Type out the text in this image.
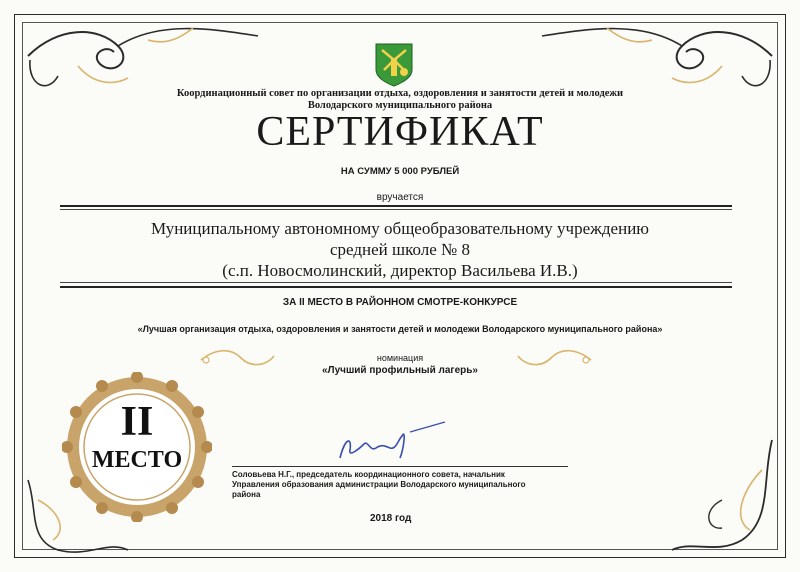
Координационный совет по организации отдыха, оздоровления и занятости детей и молодежи
Володарского муниципального района
СЕРТИФИКАТ
НА СУММУ 5 000 РУБЛЕЙ
вручается
Муниципальному автономному общеобразовательному учреждению
средней школе № 8
(с.п. Новосмолинский, директор Васильева И.В.)
ЗА II МЕСТО В РАЙОННОМ СМОТРЕ-КОНКУРСЕ
«Лучшая организация отдыха, оздоровления и занятости детей и молодежи Володарского муниципального района»
номинация
«Лучший профильный лагерь»
II
МЕСТО
Соловьева Н.Г., председатель координационного совета, начальник
Управления образования администрации Володарского муниципального
района
2018 год
